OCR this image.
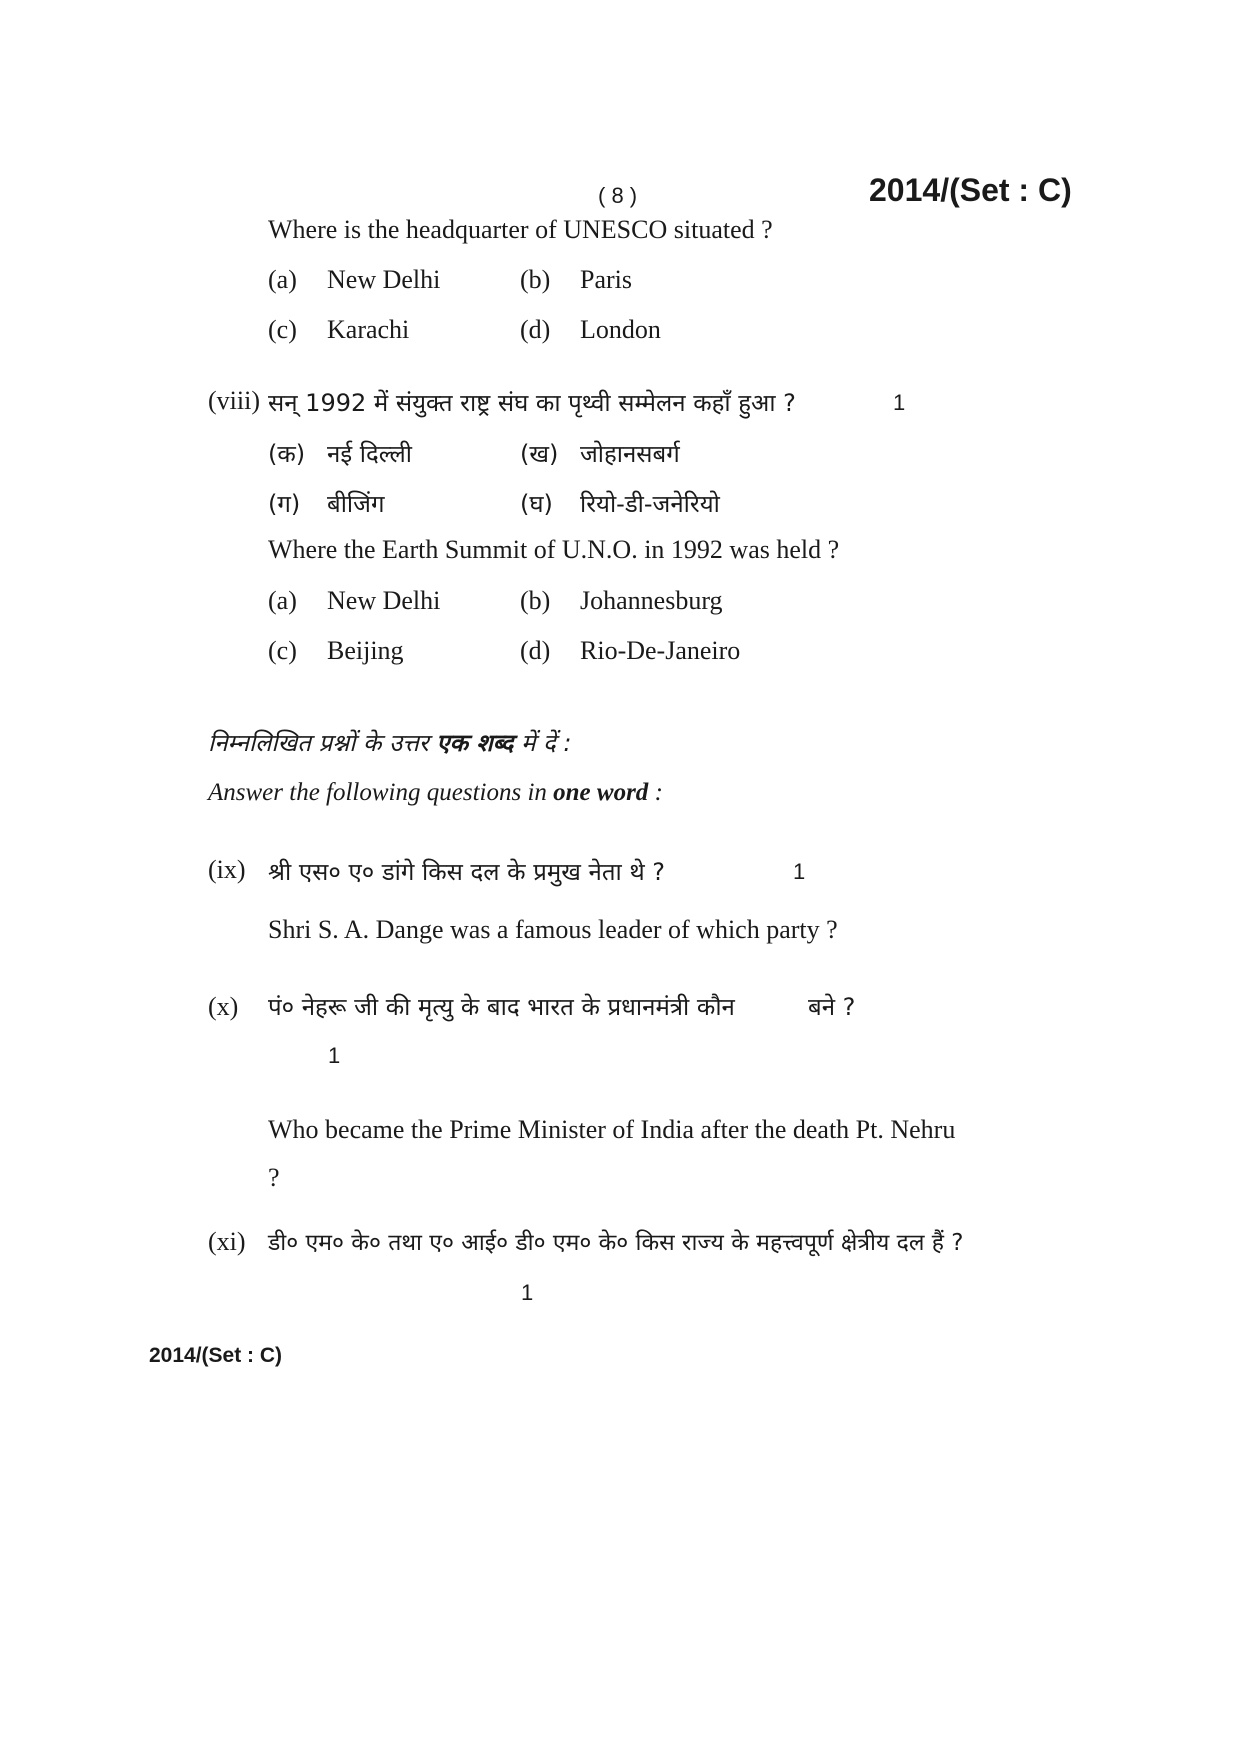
( 8 )	2014/(Set : C)
Where is the headquarter of UNESCO situated ?
(a) New Delhi	(b) Paris
(c) Karachi	(d) London
(viii) सन् 1992 में संयुक्त राष्ट्र संघ का पृथ्वी सम्मेलन कहाँ हुआ ?	1
(क) नई दिल्ली	(ख) जोहानसबर्ग
(ग) बीजिंग	(घ) रियो-डी-जनेरियो
Where the Earth Summit of U.N.O. in 1992 was held ?
(a) New Delhi	(b) Johannesburg
(c) Beijing	(d) Rio-De-Janeiro
निम्नलिखित प्रश्नों के उत्तर एक शब्द में दें :
Answer the following questions in one word :
(ix) श्री एस० ए० डांगे किस दल के प्रमुख नेता थे ?	1
Shri S. A. Dange was a famous leader of which party ?
(x) पं० नेहरू जी की मृत्यु के बाद भारत के प्रधानमंत्री कौन	बने ?
1
Who became the Prime Minister of India after the death Pt. Nehru
?
(xi) डी० एम० के० तथा ए० आई० डी० एम० के० किस राज्य के महत्त्वपूर्ण क्षेत्रीय दल हैं ?
1
2014/(Set : C)
